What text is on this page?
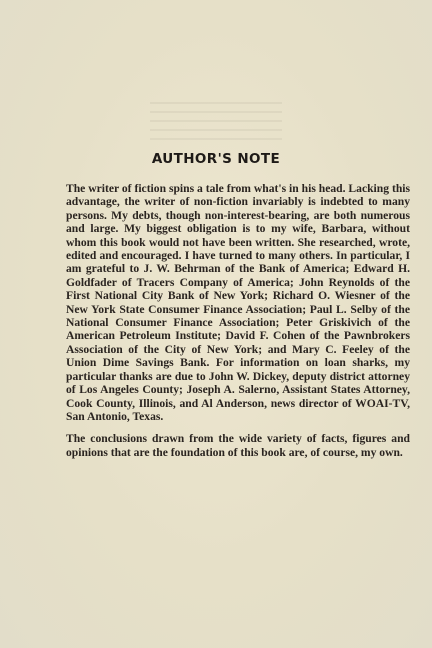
AUTHOR'S NOTE

The writer of fiction spins a tale from what's in his head. Lacking this advantage, the writer of non-fiction invariably is indebted to many persons. My debts, though non-interest-bearing, are both numerous and large. My biggest obligation is to my wife, Barbara, without whom this book would not have been written. She researched, wrote, edited and encouraged. I have turned to many others. In particular, I am grateful to J. W. Behrman of the Bank of America; Edward H. Goldfader of Tracers Company of America; John Reynolds of the First National City Bank of New York; Richard O. Wiesner of the New York State Consumer Finance Association; Paul L. Selby of the National Consumer Finance Association; Peter Griskivich of the American Petroleum Institute; David F. Cohen of the Pawnbrokers Association of the City of New York; and Mary C. Feeley of the Union Dime Savings Bank. For information on loan sharks, my particular thanks are due to John W. Dickey, deputy district attorney of Los Angeles County; Joseph A. Salerno, Assistant States Attorney, Cook County, Illinois, and Al Anderson, news director of WOAI-TV, San Antonio, Texas.

The conclusions drawn from the wide variety of facts, figures and opinions that are the foundation of this book are, of course, my own.
